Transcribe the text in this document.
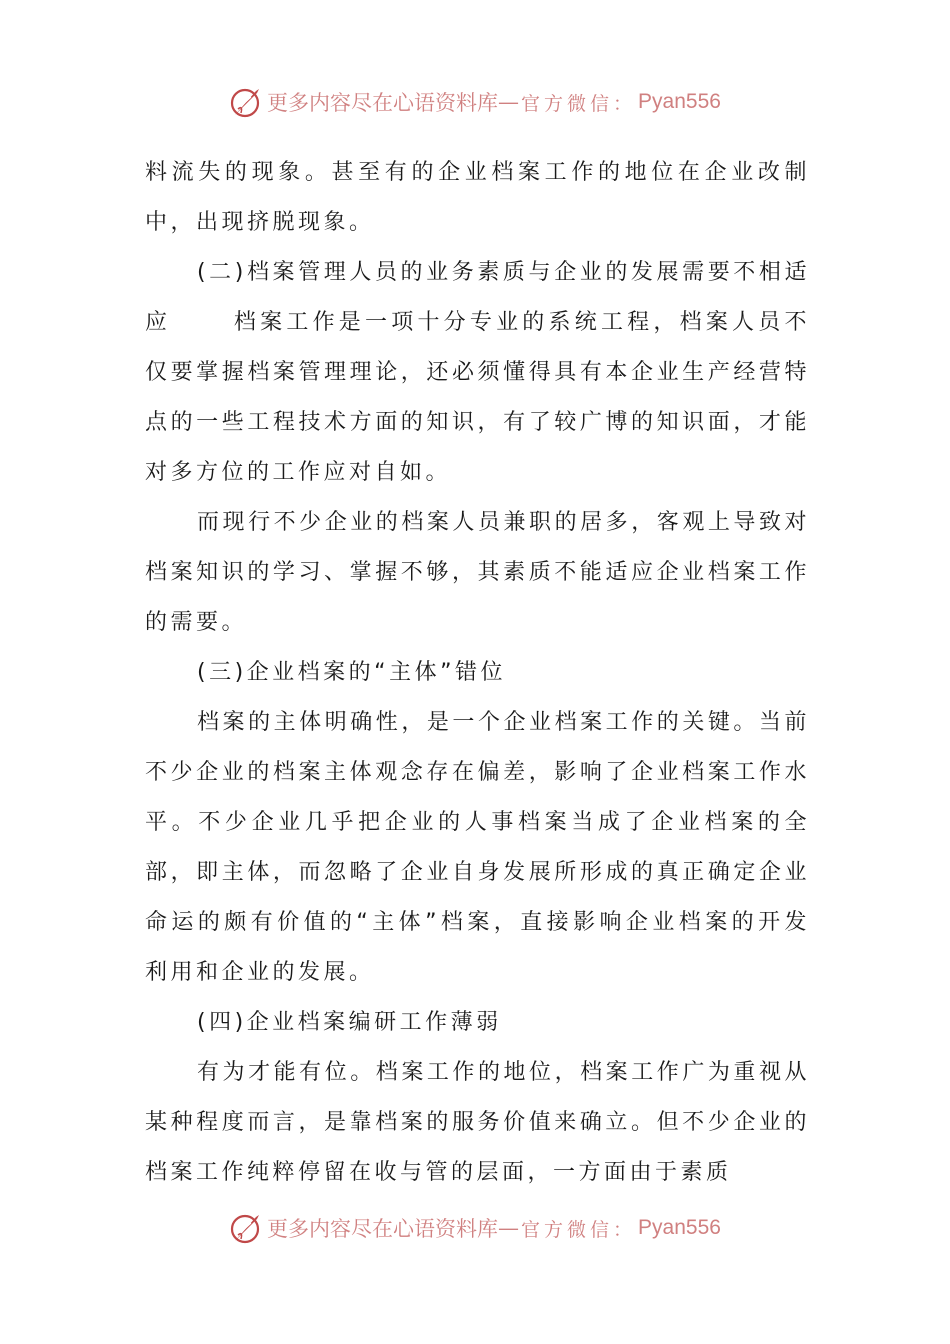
更多内容尽在心语资料库 — 官方微信： Pyan556

料流失的现象。甚至有的企业档案工作的地位在企业改制中，出现挤脱现象。

(二)档案管理人员的业务素质与企业的发展需要不相适应	档案工作是一项十分专业的系统工程，档案人员不仅要掌握档案管理理论，还必须懂得具有本企业生产经营特点的一些工程技术方面的知识，有了较广博的知识面，才能对多方位的工作应对自如。

而现行不少企业的档案人员兼职的居多，客观上导致对档案知识的学习、掌握不够，其素质不能适应企业档案工作的需要。

(三)企业档案的“主体”错位

档案的主体明确性，是一个企业档案工作的关键。当前不少企业的档案主体观念存在偏差，影响了企业档案工作水平。不少企业几乎把企业的人事档案当成了企业档案的全部，即主体，而忽略了企业自身发展所形成的真正确定企业命运的颇有价值的“主体”档案，直接影响企业档案的开发利用和企业的发展。

(四)企业档案编研工作薄弱

有为才能有位。档案工作的地位，档案工作广为重视从某种程度而言，是靠档案的服务价值来确立。但不少企业的档案工作纯粹停留在收与管的层面，一方面由于素质

更多内容尽在心语资料库 — 官方微信： Pyan556
